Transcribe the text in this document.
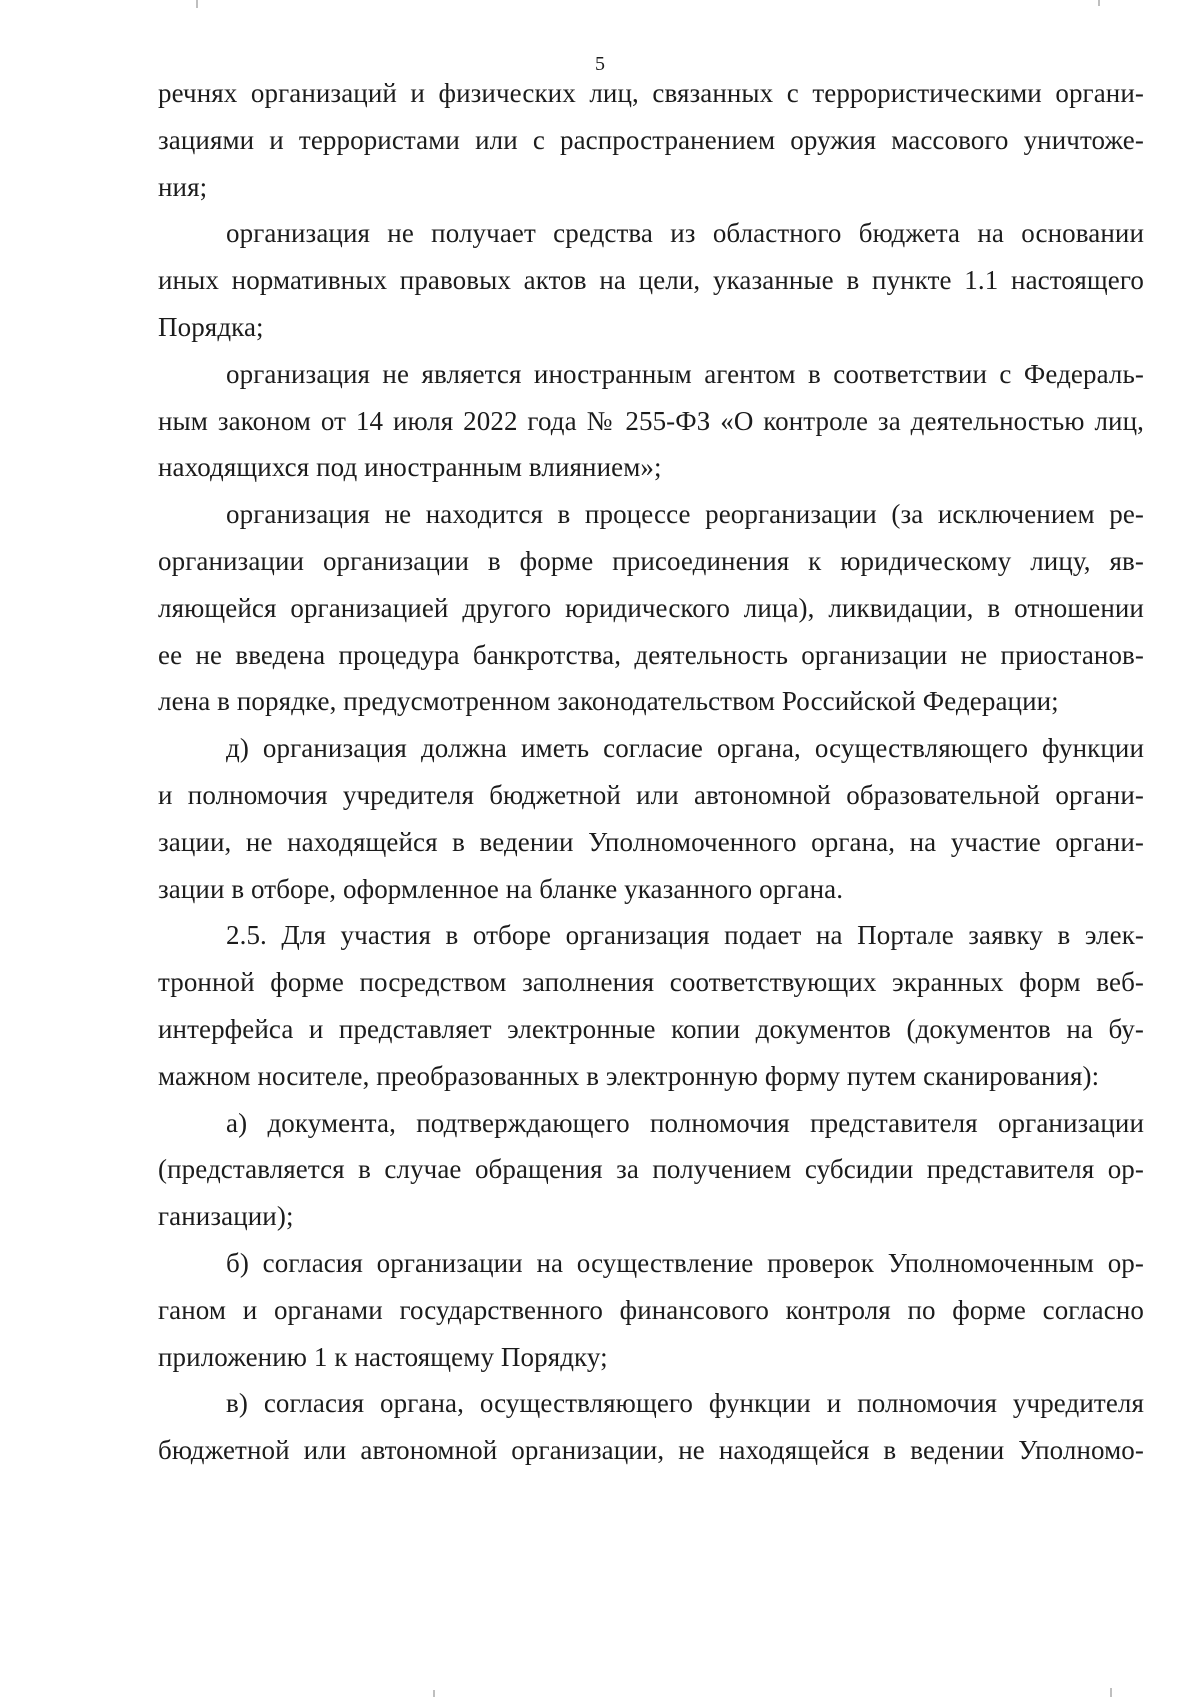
5
речнях организаций и физических лиц, связанных с террористическими органи-
зациями и террористами или с распространением оружия массового уничтоже-
ния;
организация не получает средства из областного бюджета на основании
иных нормативных правовых актов на цели, указанные в пункте 1.1 настоящего
Порядка;
организация не является иностранным агентом в соответствии с Федераль-
ным законом от 14 июля 2022 года № 255-ФЗ «О контроле за деятельностью лиц,
находящихся под иностранным влиянием»;
организация не находится в процессе реорганизации (за исключением ре-
организации организации в форме присоединения к юридическому лицу, яв-
ляющейся организацией другого юридического лица), ликвидации, в отношении
ее не введена процедура банкротства, деятельность организации не приостанов-
лена в порядке, предусмотренном законодательством Российской Федерации;
д) организация должна иметь согласие органа, осуществляющего функции
и полномочия учредителя бюджетной или автономной образовательной органи-
зации, не находящейся в ведении Уполномоченного органа, на участие органи-
зации в отборе, оформленное на бланке указанного органа.
2.5. Для участия в отборе организация подает на Портале заявку в элек-
тронной форме посредством заполнения соответствующих экранных форм веб-
интерфейса и представляет электронные копии документов (документов на бу-
мажном носителе, преобразованных в электронную форму путем сканирования):
а) документа, подтверждающего полномочия представителя организации
(представляется в случае обращения за получением субсидии представителя ор-
ганизации);
б) согласия организации на осуществление проверок Уполномоченным ор-
ганом и органами государственного финансового контроля по форме согласно
приложению 1 к настоящему Порядку;
в) согласия органа, осуществляющего функции и полномочия учредителя
бюджетной или автономной организации, не находящейся в ведении Уполномо-
